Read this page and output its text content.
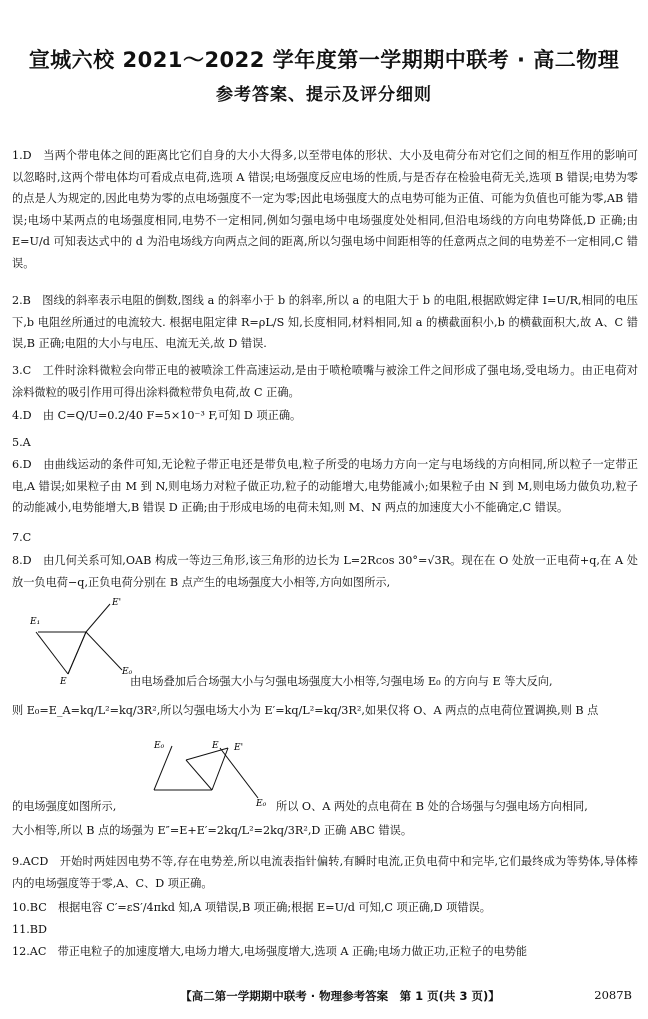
宣城六校 2021～2022 学年度第一学期期中联考 · 高二物理
参考答案、提示及评分细则

1.D　当两个带电体之间的距离比它们自身的大小大得多,以至带电体的形状、大小及电荷分布对它们之间的相互作用的影响可以忽略时,这两个带电体均可看成点电荷,选项 A 错误;电场强度反应电场的性质,与是否存在检验电荷无关,选项 B 错误;电势为零的点是人为规定的,因此电势为零的点电场强度不一定为零;因此电场强度大的点电势可能为正值、可能为负值也可能为零,AB 错误;电场中某两点的电场强度相同,电势不一定相同,例如匀强电场中电场强度处处相同,但沿电场线的方向电势降低,D 正确;由 E=U/d 可知表达式中的 d 为沿电场线方向两点之间的距离,所以匀强电场中间距相等的任意两点之间的电势差不一定相同,C 错误。

2.B　图线的斜率表示电阻的倒数,图线 a 的斜率小于 b 的斜率,所以 a 的电阻大于 b 的电阻,根据欧姆定律 I=U/R,相同的电压下,b 电阻丝所通过的电流较大. 根据电阻定律 R=ρL/S 知,长度相同,材料相同,知 a 的横截面积小,b 的横截面积大,故 A、C 错误,B 正确;电阻的大小与电压、电流无关,故 D 错误.

3.C　工件时涂料微粒会向带正电的被喷涂工件高速运动,是由于喷枪喷嘴与被涂工件之间形成了强电场,受电场力。由正电荷对涂料微粒的吸引作用可得出涂料微粒带负电荷,故 C 正确。

4.D　由 C=Q/U=0.2/40 F=5×10⁻³ F,可知 D 项正确。

5.A

6.D　由曲线运动的条件可知,无论粒子带正电还是带负电,粒子所受的电场力方向一定与电场线的方向相同,所以粒子一定带正电,A 错误;如果粒子由 M 到 N,则电场力对粒子做正功,粒子的动能增大,电势能减小;如果粒子由 N 到 M,则电场力做负功,粒子的动能减小,电势能增大,B 错误 D 正确;由于形成电场的电荷未知,则 M、N 两点的加速度大小不能确定,C 错误。

7.C

8.D　由几何关系可知,OAB 构成一等边三角形,该三角形的边长为 L=2Rcos 30°=√3R。现在在 O 处放一正电荷+q,在 A 处放一负电荷−q,正负电荷分别在 B 点产生的电场强度大小相等,方向如图所示,

E'
E₁
E
E₀

由电场叠加后合场强大小与匀强电场强度大小相等,匀强电场 E₀ 的方向与 E 等大反向,

则 E₀=E_A=kq/L²=kq/3R²,所以匀强电场大小为 E′=kq/L²=kq/3R²,如果仅将 O、A 两点的点电荷位置调换,则 B 点

E₀	E E'
E₀

的电场强度如图所示,	所以 O、A 两处的点电荷在 B 处的合场强与匀强电场方向相同,

大小相等,所以 B 点的场强为 E″=E+E′=2kq/L²=2kq/3R²,D 正确 ABC 错误。

9.ACD　开始时两娃因电势不等,存在电势差,所以电流表指针偏转,有瞬时电流,正负电荷中和完毕,它们最终成为等势体,导体棒内的电场强度等于零,A、C、D 项正确。

10.BC　根据电容 C′=εS′/4πkd 知,A 项错误,B 项正确;根据 E=U/d 可知,C 项正确,D 项错误。

11.BD

12.AC　带正电粒子的加速度增大,电场力增大,电场强度增大,选项 A 正确;电场力做正功,正粒子的电势能

【高二第一学期期中联考 · 物理参考答案　第 1 页(共 3 页)】	2087B
